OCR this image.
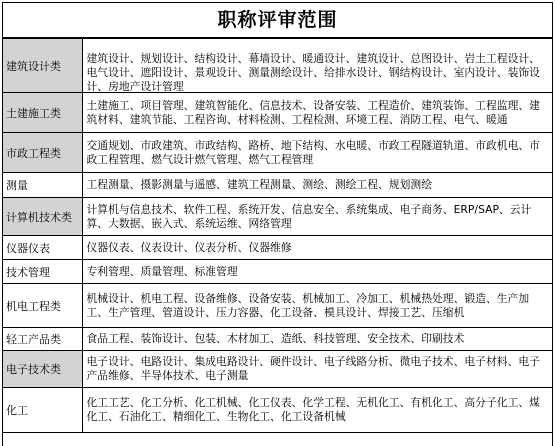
职称评审范围
建筑设计类	建筑设计、规划设计、结构设计、幕墙设计、暖通设计、建筑设计、总图设计、岩土工程设计、电气设计、遮阳设计、景观设计、测量测绘设计、给排水设计、钢结构设计、室内设计、装饰设计、房地产设计管理

土建施工类	土建施工、项目管理、建筑智能化、信息技术、设备安装、工程造价、建筑装饰、工程监理、建筑材料、建筑节能、工程咨询、材料检测、工程检测、环境工程、消防工程、电气、暖通

市政工程类	交通规划、市政建筑、市政结构、路桥、地下结构、水电暖、市政工程隧道轨道、市政机电、市政工程管理、燃气设计燃气管理、燃气工程管理

测量	工程测量、摄影测量与遥感、建筑工程测量、测绘、测绘工程、规划测绘

计算机技术类	计算机与信息技术、软件工程、系统开发、信息安全、系统集成、电子商务、ERP/SAP、云计算、大数据、嵌入式、系统运维、网络管理

仪器仪表	仪器仪表、仪表设计、仪表分析、仪器维修

技术管理	专利管理、质量管理、标准管理

机电工程类	机械设计、机电工程、设备维修、设备安装、机械加工、冷加工、机械热处理、锻造、生产加工、生产管理、管道设计、压力容器、化工设备、模具设计、焊接工艺、压缩机

轻工产品类	食品工程、装饰设计、包装、木材加工、造纸、科技管理、安全技术、印刷技术

电子技术类	电子设计、电路设计、集成电路设计、硬件设计、电子线路分析、微电子技术、电子材料、电子产品维修、半导体技术、电子测量

化工	化工工艺、化工分析、化工机械、化工仪表、化学工程、无机化工、有机化工、高分子化工、煤化工、石油化工、精细化工、生物化工、化工设备机械
